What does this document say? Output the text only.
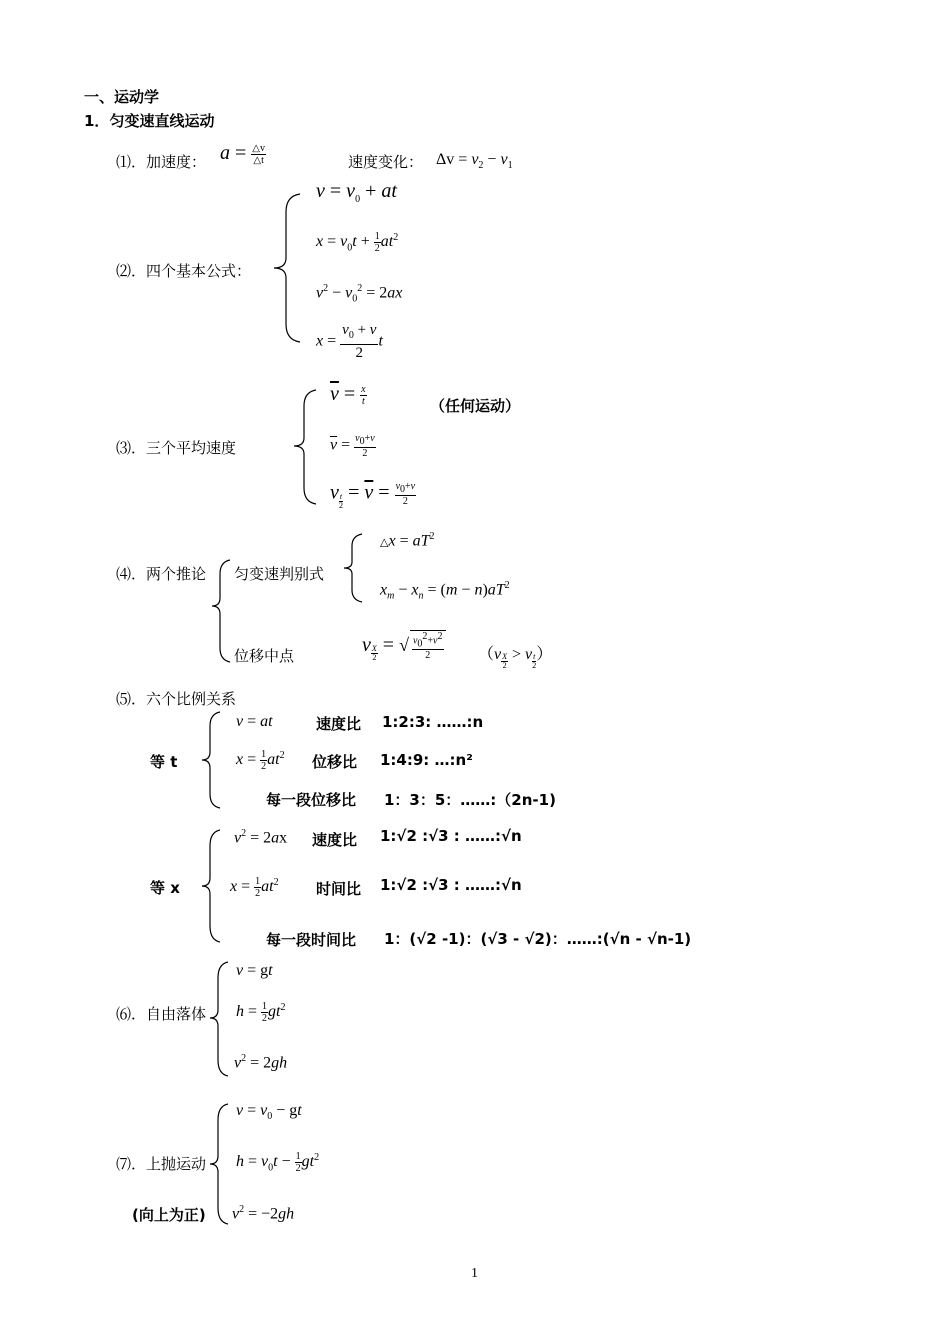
一、运动学
1．匀变速直线运动
⑴．加速度： $a = \frac{\triangle v}{\triangle t}$	速度变化： $\Delta v = v_2 - v_1$
⑵．四个基本公式：
$v = v_0$ + at
$x = v_0t + \frac{1}{2} at^2$
$v^2 - v_0^2 = 2ax$
$x = \frac{v_0 + v}{2}$ t
⑶．三个平均速度
$\overline{v} = \frac{x}{t}$	（任何运动）
$\overline{v} = \frac{v_0+v}{2}$
v $_{\frac{t}{2}} = \overline{v} = \frac{v_0+v}{2}$
⑷．两个推论 匀变速判别式
△x = $aT^2$
$x_m - x_n = (m - n)aT^2$
位移中点
v $_{\frac{X}{2}}$ = √ $\frac{v_0^2+v^2}{2} (v$ $_{\frac{X}{2}}$ > v $_{\frac{t}{2}}$ ）
⑸．六个比例关系
等 t
v = at	速度比 1:2:3: ……:n
$x = \frac{1}{2} at^2$ 位移比 1:4:9: …:n²
每一段位移比 1：3：5：……:（2n-1)
等 x
$v^2 = 2ax$ 速度比 1:√2 :√3 : ……:√n
$x = \frac{1}{2} at^2$ 时间比 1:√2 :√3 : ……:√n
每一段时间比 1：(√2 -1)：(√3 - √2)：……:(√n - √n-1)
⑹．自由落体
v = gt
$h = \frac{1}{2} gt^2$
$v^2 = 2gh$
⑺．上抛运动
(向上为正)
$v = v_0$ − gt
$h = v_0t - \frac{1}{2} gt^2$
$v^2 = -2gh$
1
